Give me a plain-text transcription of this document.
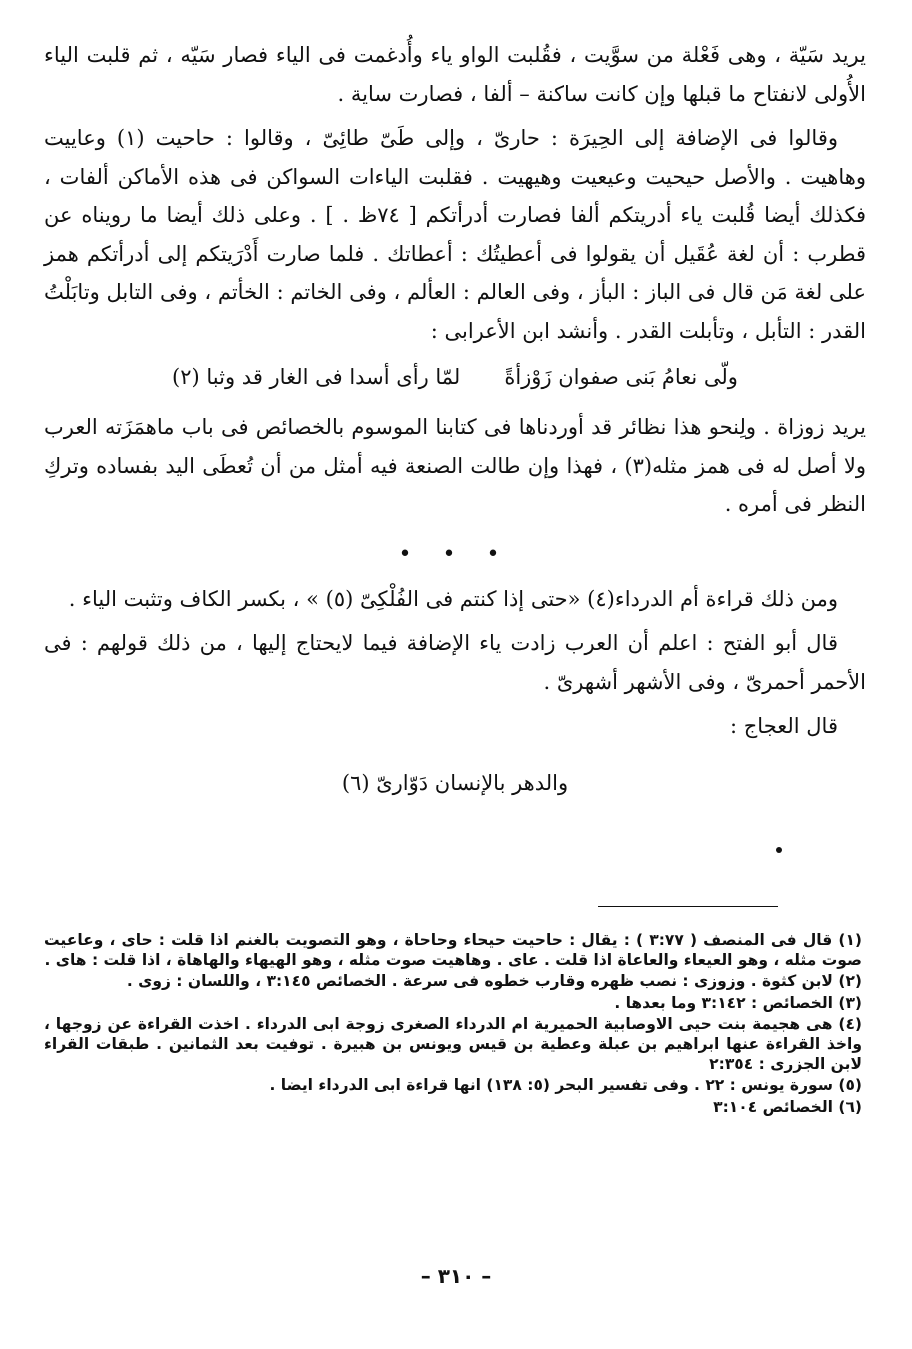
يريد سَيّة ، وهى فَعْلة من سوَّيت ، فقُلبت الواو ياء وأُدغمت فى الياء فصار سَيّه ، ثم قلبت الياء الأُولى لانفتاح ما قبلها وإن كانت ساكنة – ألفا ، فصارت ساية .

وقالوا فى الإضافة إلى الحِيرَة : حارىّ ، وإلى طَىّ طائِىّ ، وقالوا : حاحيت (١) وعاييت وهاهيت . والأصل حيحيت وعيعيت وهيهيت . فقلبت الياءات السواكن فى هذه الأماكن ألفات ، فكذلك أيضا قُلبت ياء أدريتكم ألفا فصارت أدرأتكم [ ٧٤ظ . ] . وعلى ذلك أيضا ما رويناه عن قطرب : أن لغة عُقَيل أن يقولوا فى أعطيتُك : أعطاتك . فلما صارت أَدْرَيتكم إلى أدرأتكم همز على لغة مَن قال فى الباز : البأز ، وفى العالم : العألم ، وفى الخاتم : الخأتم ، وفى التابل وتابَلْتُ القدر : التأبل ، وتأبلت القدر . وأنشد ابن الأعرابى :

ولّى نعامُ بَنى صفوان زَوْزأةً
لمّا رأى أسدا فى الغار قد وثبا (٢)

يريد زوزاة . ولِنحو هذا نظائر قد أوردناها فى كتابنا الموسوم بالخصائص فى باب ماهمَزَته العرب ولا أصل له فى همز مثله(٣) ، فهذا وإن طالت الصنعة فيه أمثل من أن تُعطَى اليد بفساده وتركِ النظر فى أمره .

• • •

ومن ذلك قراءة أم الدرداء(٤) «حتى إذا كنتم فى الفُلْكِىّ (٥) » ، بكسر الكاف وتثبت الياء .

قال أبو الفتح : اعلم أن العرب زادت ياء الإضافة فيما لايحتاج إليها ، من ذلك قولهم : فى الأحمر أحمرىّ ، وفى الأشهر أشهرىّ .

قال العجاج :

والدهر بالإنسان دَوّارىّ (٦)

(١) قال فى المنصف ( ٣:٧٧ ) : يقال : حاحيت حيحاء وحاحاة ، وهو التصويت بالغنم اذا قلت : حاى ، وعاعيت صوت مثله ، وهو العيعاء والعاعاة اذا قلت . عاى . وهاهيت صوت مثله ، وهو الهيهاء والهاهاة ، اذا قلت : هاى .

(٢) لابن كثوة . وزوزى : نصب ظهره وقارب خطوه فى سرعة . الخصائص ٣:١٤٥ ، واللسان : زوى .

(٣) الخصائص : ٣:١٤٢ وما بعدها .

(٤) هى هجيمة بنت حيى الاوصابية الحميرية ام الدرداء الصغرى زوجة ابى الدرداء . اخذت القراءة عن زوجها ، واخذ القراءة عنها ابراهيم بن عبلة وعطية بن قيس ويونس بن هبيرة . توفيت بعد الثمانين . طبقات القراء لابن الجزرى : ٢:٣٥٤

(٥) سورة يونس : ٢٢ . وفى تفسير البحر (٥: ١٣٨) انها قراءة ابى الدرداء ايضا .

(٦) الخصائص ٣:١٠٤

– ٣١٠ –
